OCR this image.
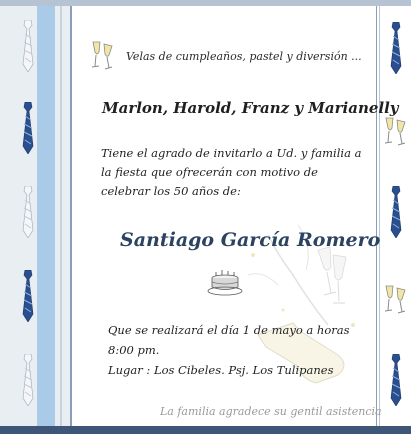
Velas de cumpleaños, pastel y diversión ...
Marlon, Harold, Franz y Marianelly
Tiene el agrado de invitarlo a Ud. y familia a la fiesta que ofrecerán con motivo de celebrar los 50 años de:
Santiago García Romero
Que se realizará el día 1 de mayo a horas 8:00 pm.
Lugar : Los Cibeles. Psj. Los Tulipanes
La familia agradece su gentil asistencia
